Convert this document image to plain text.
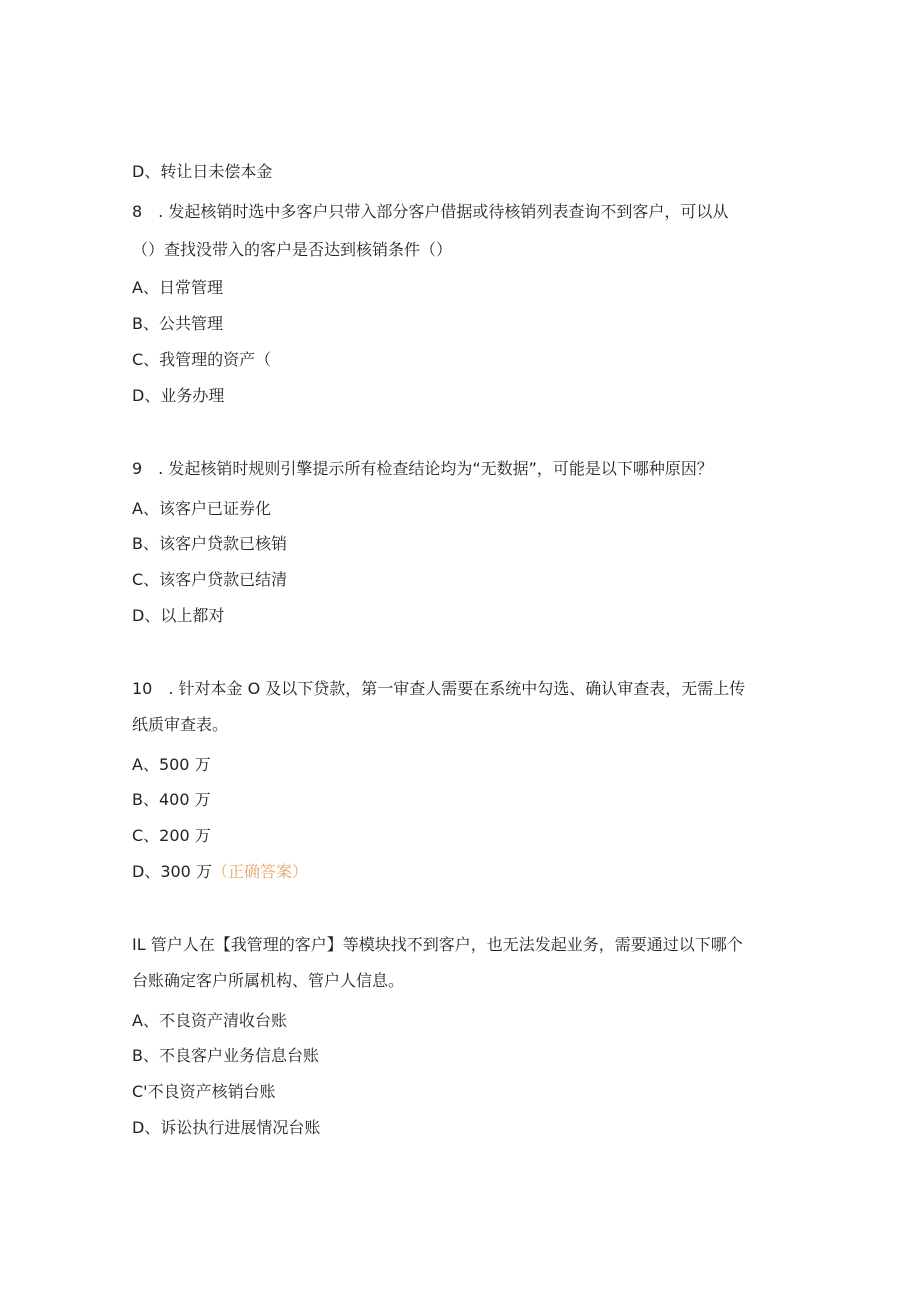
D、转让日未偿本金

8　. 发起核销时选中多客户只带入部分客户借据或待核销列表查询不到客户，可以从

（）查找没带入的客户是否达到核销条件（）

A、日常管理

B、公共管理

C、我管理的资产（

D、业务办理

9　. 发起核销时规则引擎提示所有检查结论均为“无数据”，可能是以下哪种原因？

A、该客户已证券化

B、该客户贷款已核销

C、该客户贷款已结清

D、以上都对

10　. 针对本金 O 及以下贷款，第一审查人需要在系统中勾选、确认审查表，无需上传

纸质审查表。

A、500 万

B、400 万

C、200 万

D、300 万（正确答案）

IL 管户人在【我管理的客户】等模块找不到客户，也无法发起业务，需要通过以下哪个

台账确定客户所属机构、管户人信息。

A、不良资产清收台账

B、不良客户业务信息台账

C'不良资产核销台账

D、诉讼执行进展情况台账
